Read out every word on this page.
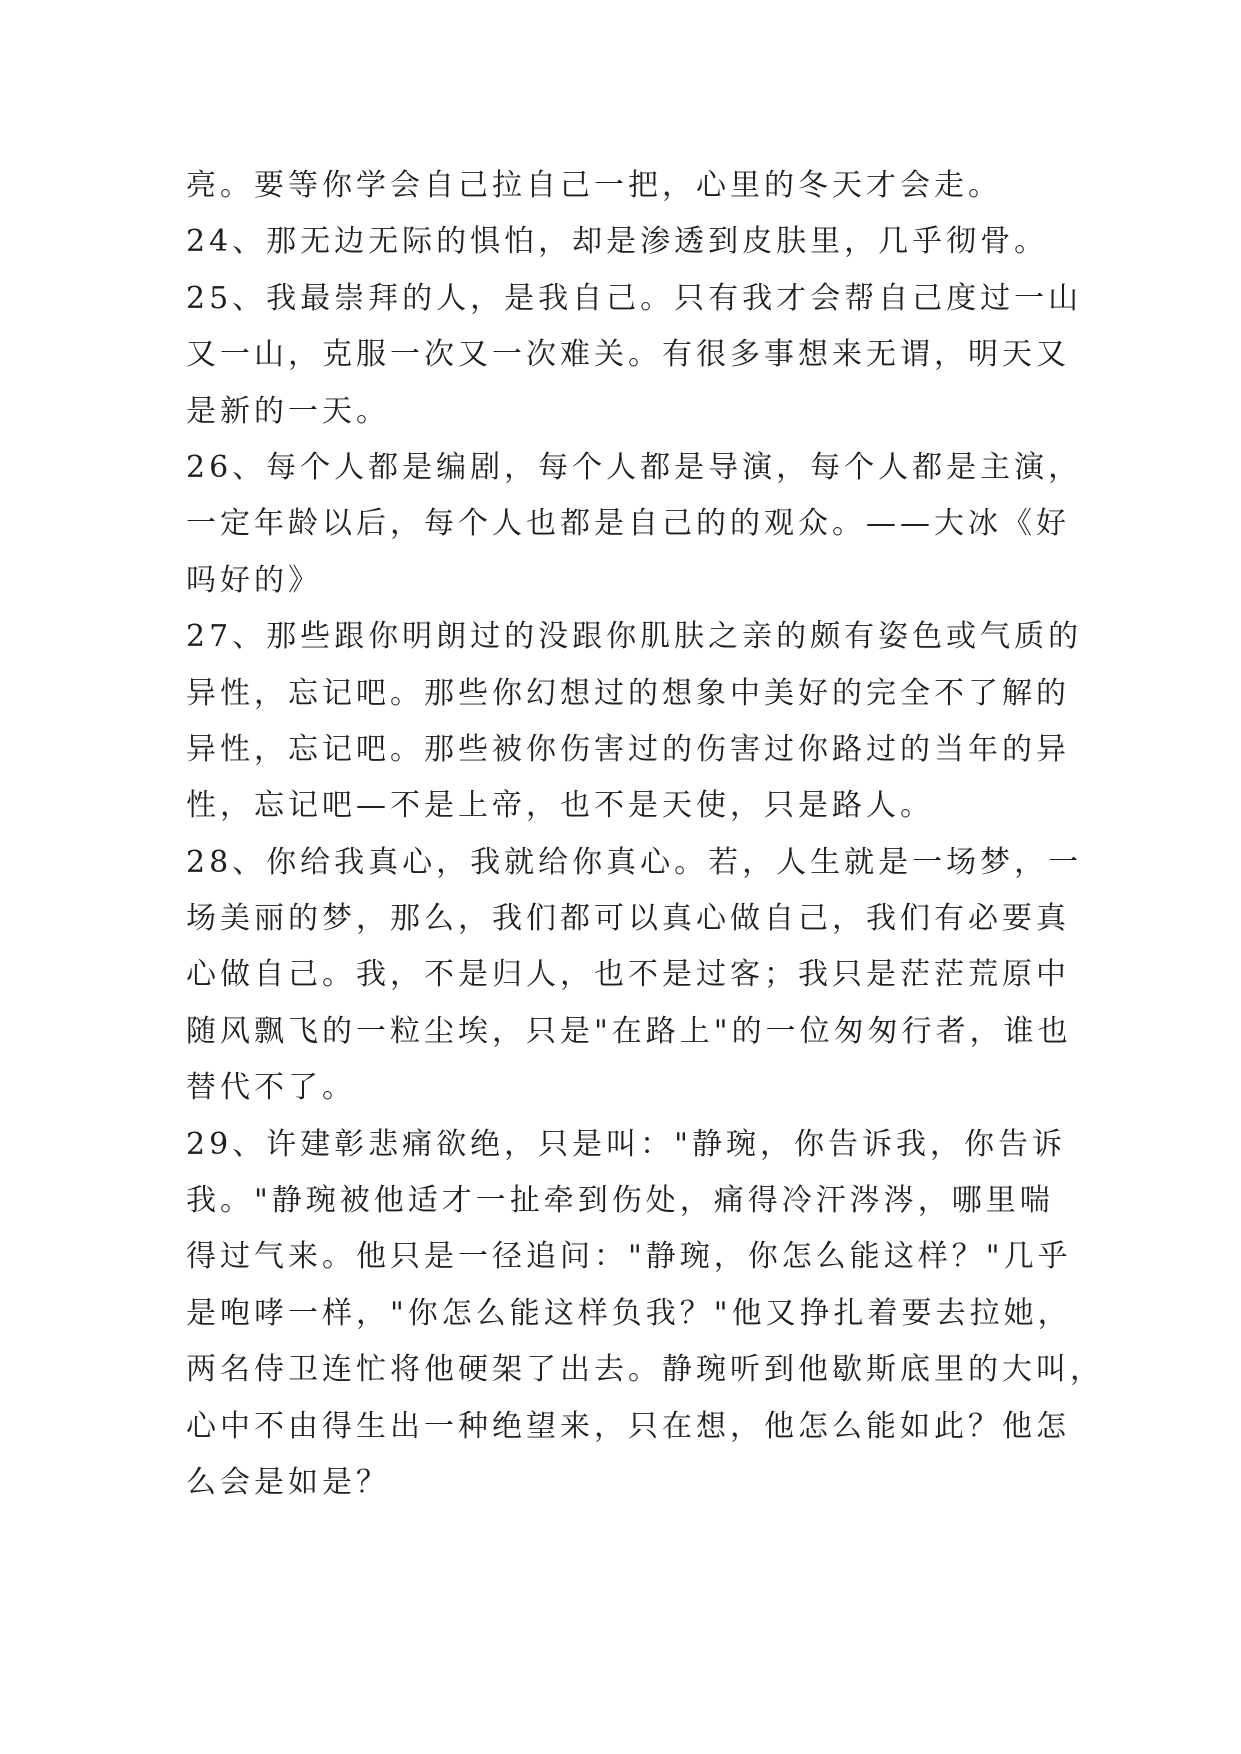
亮。要等你学会自己拉自己一把，心里的冬天才会走。
24、那无边无际的惧怕，却是渗透到皮肤里，几乎彻骨。
25、我最崇拜的人，是我自己。只有我才会帮自己度过一山
又一山，克服一次又一次难关。有很多事想来无谓，明天又
是新的一天。
26、每个人都是编剧，每个人都是导演，每个人都是主演，
一定年龄以后，每个人也都是自己的的观众。——大冰《好
吗好的》
27、那些跟你明朗过的没跟你肌肤之亲的颇有姿色或气质的
异性，忘记吧。那些你幻想过的想象中美好的完全不了解的
异性，忘记吧。那些被你伤害过的伤害过你路过的当年的异
性，忘记吧—不是上帝，也不是天使，只是路人。
28、你给我真心，我就给你真心。若，人生就是一场梦，一
场美丽的梦，那么，我们都可以真心做自己，我们有必要真
心做自己。我，不是归人，也不是过客；我只是茫茫荒原中
随风飘飞的一粒尘埃，只是"在路上"的一位匆匆行者，谁也
替代不了。
29、许建彰悲痛欲绝，只是叫："静琬，你告诉我，你告诉
我。"静琬被他适才一扯牵到伤处，痛得冷汗涔涔，哪里喘
得过气来。他只是一径追问："静琬，你怎么能这样？"几乎
是咆哮一样，"你怎么能这样负我？"他又挣扎着要去拉她，
两名侍卫连忙将他硬架了出去。静琬听到他歇斯底里的大叫，
心中不由得生出一种绝望来，只在想，他怎么能如此？他怎
么会是如是？
